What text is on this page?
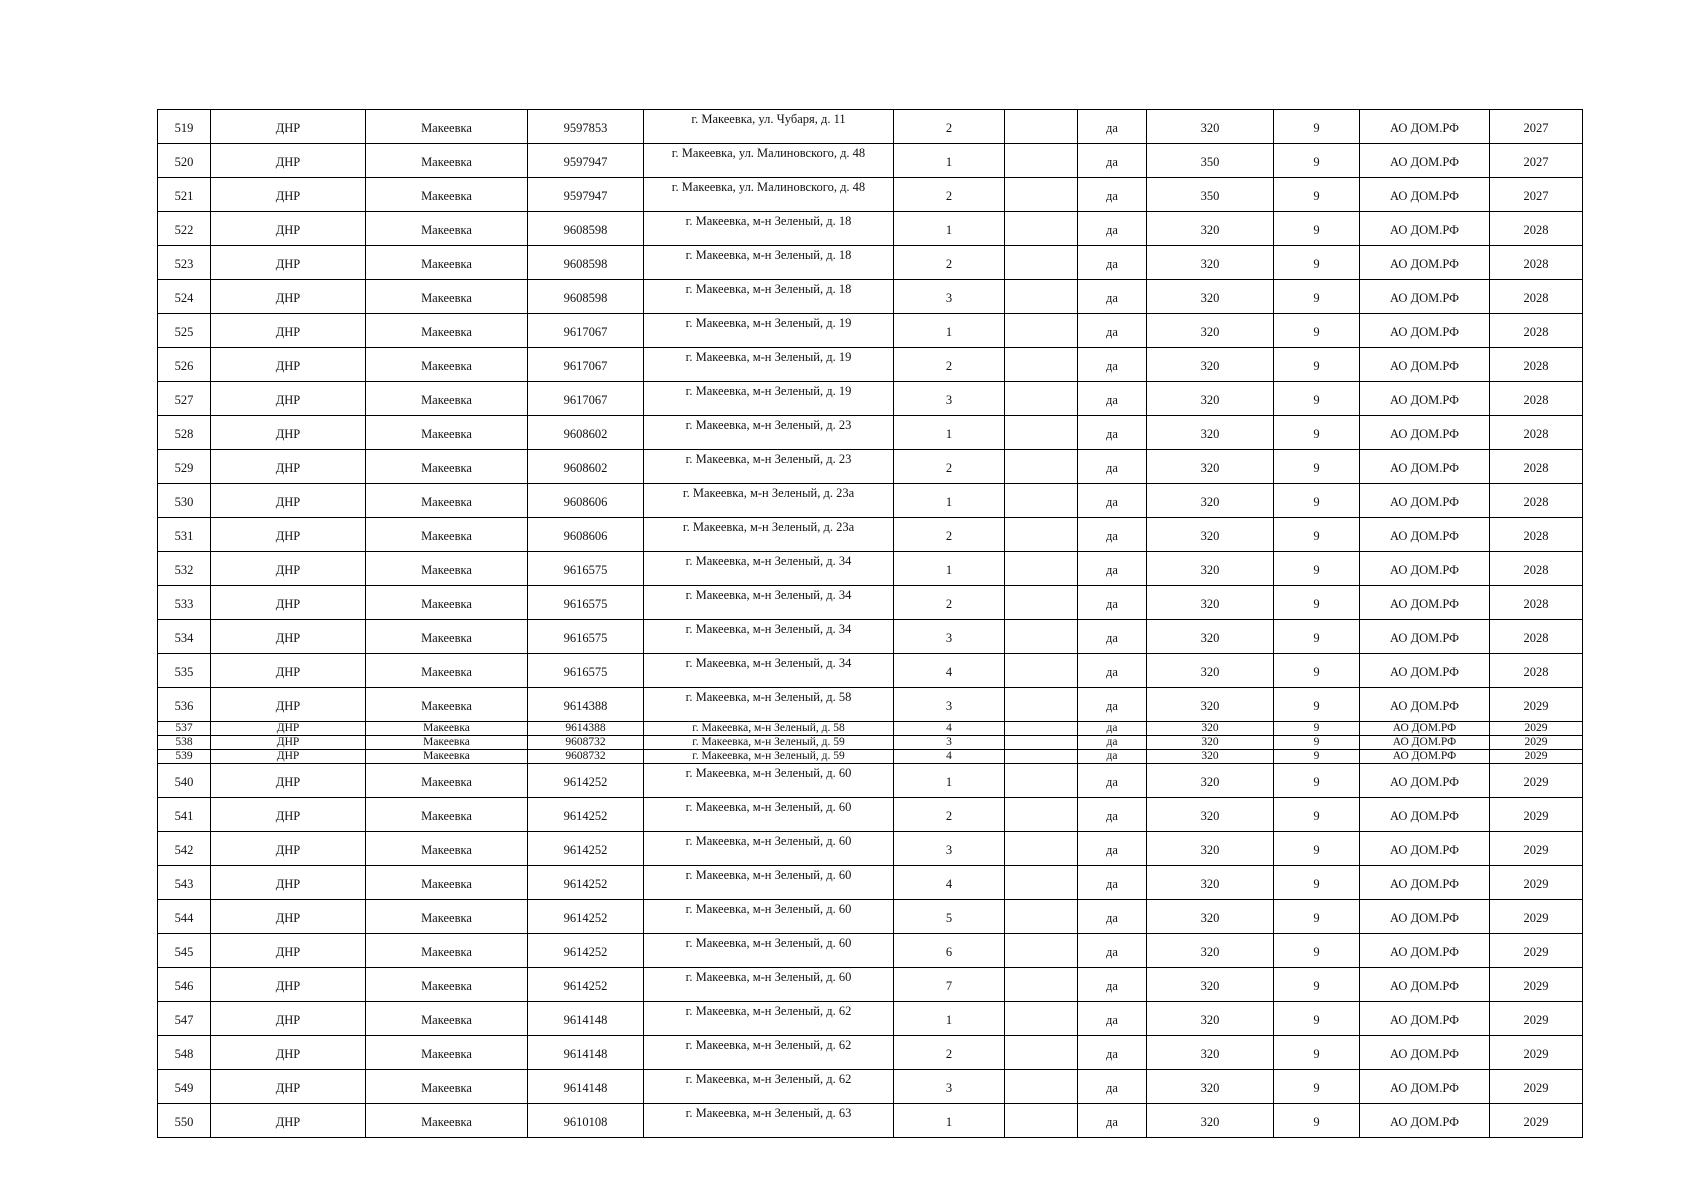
519	ДНР	Макеевка	9597853	г. Макеевка, ул. Чубаря, д. 11	2		да	320	9	АО ДОМ.РФ	2027
520	ДНР	Макеевка	9597947	г. Макеевка, ул. Малиновского, д. 48	1		да	350	9	АО ДОМ.РФ	2027
521	ДНР	Макеевка	9597947	г. Макеевка, ул. Малиновского, д. 48	2		да	350	9	АО ДОМ.РФ	2027
522	ДНР	Макеевка	9608598	г. Макеевка, м-н Зеленый, д. 18	1		да	320	9	АО ДОМ.РФ	2028
523	ДНР	Макеевка	9608598	г. Макеевка, м-н Зеленый, д. 18	2		да	320	9	АО ДОМ.РФ	2028
524	ДНР	Макеевка	9608598	г. Макеевка, м-н Зеленый, д. 18	3		да	320	9	АО ДОМ.РФ	2028
525	ДНР	Макеевка	9617067	г. Макеевка, м-н Зеленый, д. 19	1		да	320	9	АО ДОМ.РФ	2028
526	ДНР	Макеевка	9617067	г. Макеевка, м-н Зеленый, д. 19	2		да	320	9	АО ДОМ.РФ	2028
527	ДНР	Макеевка	9617067	г. Макеевка, м-н Зеленый, д. 19	3		да	320	9	АО ДОМ.РФ	2028
528	ДНР	Макеевка	9608602	г. Макеевка, м-н Зеленый, д. 23	1		да	320	9	АО ДОМ.РФ	2028
529	ДНР	Макеевка	9608602	г. Макеевка, м-н Зеленый, д. 23	2		да	320	9	АО ДОМ.РФ	2028
530	ДНР	Макеевка	9608606	г. Макеевка, м-н Зеленый, д. 23а	1		да	320	9	АО ДОМ.РФ	2028
531	ДНР	Макеевка	9608606	г. Макеевка, м-н Зеленый, д. 23а	2		да	320	9	АО ДОМ.РФ	2028
532	ДНР	Макеевка	9616575	г. Макеевка, м-н Зеленый, д. 34	1		да	320	9	АО ДОМ.РФ	2028
533	ДНР	Макеевка	9616575	г. Макеевка, м-н Зеленый, д. 34	2		да	320	9	АО ДОМ.РФ	2028
534	ДНР	Макеевка	9616575	г. Макеевка, м-н Зеленый, д. 34	3		да	320	9	АО ДОМ.РФ	2028
535	ДНР	Макеевка	9616575	г. Макеевка, м-н Зеленый, д. 34	4		да	320	9	АО ДОМ.РФ	2028
536	ДНР	Макеевка	9614388	г. Макеевка, м-н Зеленый, д. 58	3		да	320	9	АО ДОМ.РФ	2029
537	ДНР	Макеевка	9614388	г. Макеевка, м-н Зеленый, д. 58	4		да	320	9	АО ДОМ.РФ	2029
538	ДНР	Макеевка	9608732	г. Макеевка, м-н Зеленый, д. 59	3		да	320	9	АО ДОМ.РФ	2029
539	ДНР	Макеевка	9608732	г. Макеевка, м-н Зеленый, д. 59	4		да	320	9	АО ДОМ.РФ	2029
540	ДНР	Макеевка	9614252	г. Макеевка, м-н Зеленый, д. 60	1		да	320	9	АО ДОМ.РФ	2029
541	ДНР	Макеевка	9614252	г. Макеевка, м-н Зеленый, д. 60	2		да	320	9	АО ДОМ.РФ	2029
542	ДНР	Макеевка	9614252	г. Макеевка, м-н Зеленый, д. 60	3		да	320	9	АО ДОМ.РФ	2029
543	ДНР	Макеевка	9614252	г. Макеевка, м-н Зеленый, д. 60	4		да	320	9	АО ДОМ.РФ	2029
544	ДНР	Макеевка	9614252	г. Макеевка, м-н Зеленый, д. 60	5		да	320	9	АО ДОМ.РФ	2029
545	ДНР	Макеевка	9614252	г. Макеевка, м-н Зеленый, д. 60	6		да	320	9	АО ДОМ.РФ	2029
546	ДНР	Макеевка	9614252	г. Макеевка, м-н Зеленый, д. 60	7		да	320	9	АО ДОМ.РФ	2029
547	ДНР	Макеевка	9614148	г. Макеевка, м-н Зеленый, д. 62	1		да	320	9	АО ДОМ.РФ	2029
548	ДНР	Макеевка	9614148	г. Макеевка, м-н Зеленый, д. 62	2		да	320	9	АО ДОМ.РФ	2029
549	ДНР	Макеевка	9614148	г. Макеевка, м-н Зеленый, д. 62	3		да	320	9	АО ДОМ.РФ	2029
550	ДНР	Макеевка	9610108	г. Макеевка, м-н Зеленый, д. 63	1		да	320	9	АО ДОМ.РФ	2029
